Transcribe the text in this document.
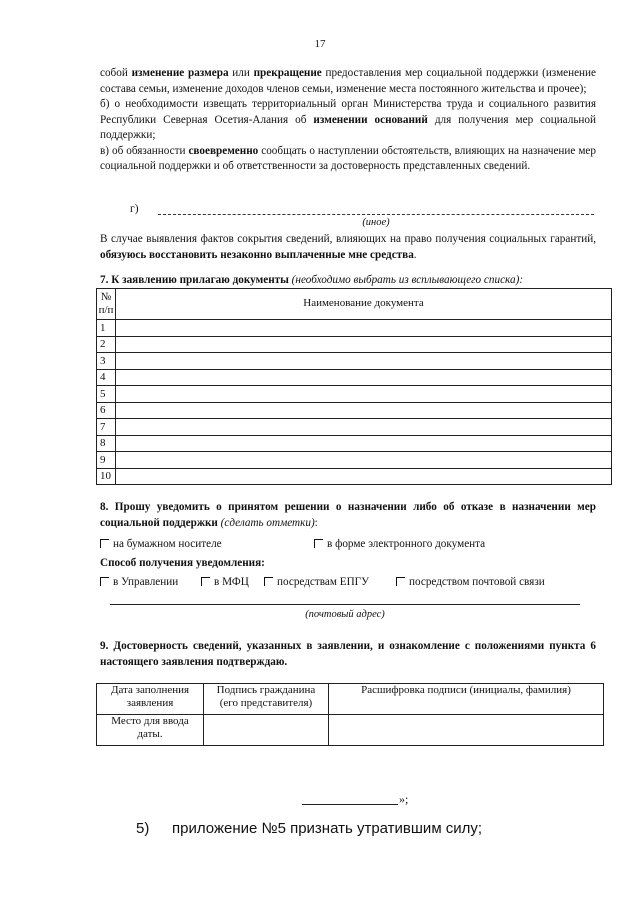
17
собой изменение размера или прекращение предоставления мер социальной поддержки (изменение состава семьи, изменение доходов членов семьи, изменение места постоянного жительства и прочее);
б) о необходимости извещать территориальный орган Министерства труда и социального развития Республики Северная Осетия-Алания об изменении оснований для получения мер социальной поддержки;
в) об обязанности своевременно сообщать о наступлении обстоятельств, влияющих на назначение мер социальной поддержки и об ответственности за достоверность представленных сведений.
г)
(иное)
В случае выявления фактов сокрытия сведений, влияющих на право получения социальных гарантий, обязуюсь восстановить незаконно выплаченные мне средства.
7. К заявлению прилагаю документы (необходимо выбрать из всплывающего списка):
№
п/п	Наименование документа
1	
2	
3	
4	
5	
6	
7	
8	
9	
10	
8. Прошу уведомить о принятом решении о назначении либо об отказе в назначении мер социальной поддержки (сделать отметки):
на бумажном носителе	в форме электронного документа
Способ получения уведомления:
в Управлении	в МФЦ	посредствам ЕПГУ	посредством почтовой связи
(почтовый адрес)
9. Достоверность сведений, указанных в заявлении, и ознакомление с положениями пункта 6 настоящего заявления подтверждаю.
Дата заполнения заявления	Подпись гражданина (его представителя)	Расшифровка подписи (инициалы, фамилия)
Место для ввода даты.		
»;
5) приложение №5 признать утратившим силу;
